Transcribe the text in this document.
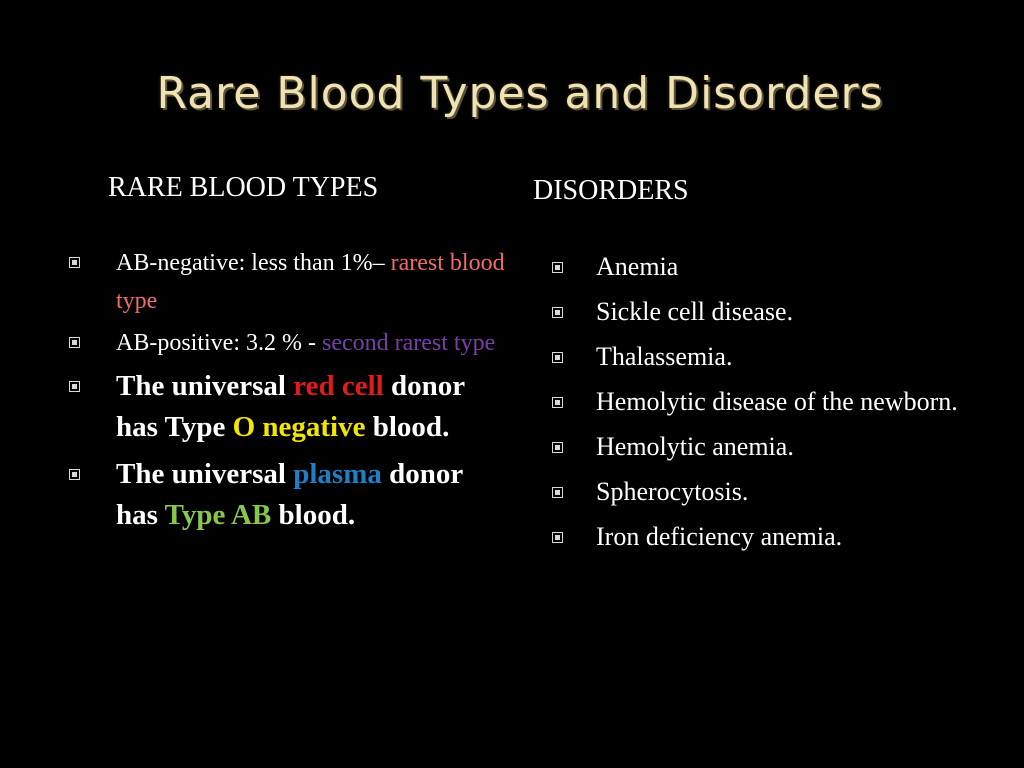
Rare Blood Types and Disorders
RARE BLOOD TYPES	DISORDERS
AB-negative: less than 1%– rarest blood type
AB-positive: 3.2 % - second rarest type
The universal red cell donor has Type O negative blood.
The universal plasma donor has Type AB blood.
Anemia
Sickle cell disease.
Thalassemia.
Hemolytic disease of the newborn.
Hemolytic anemia.
Spherocytosis.
Iron deficiency anemia.
